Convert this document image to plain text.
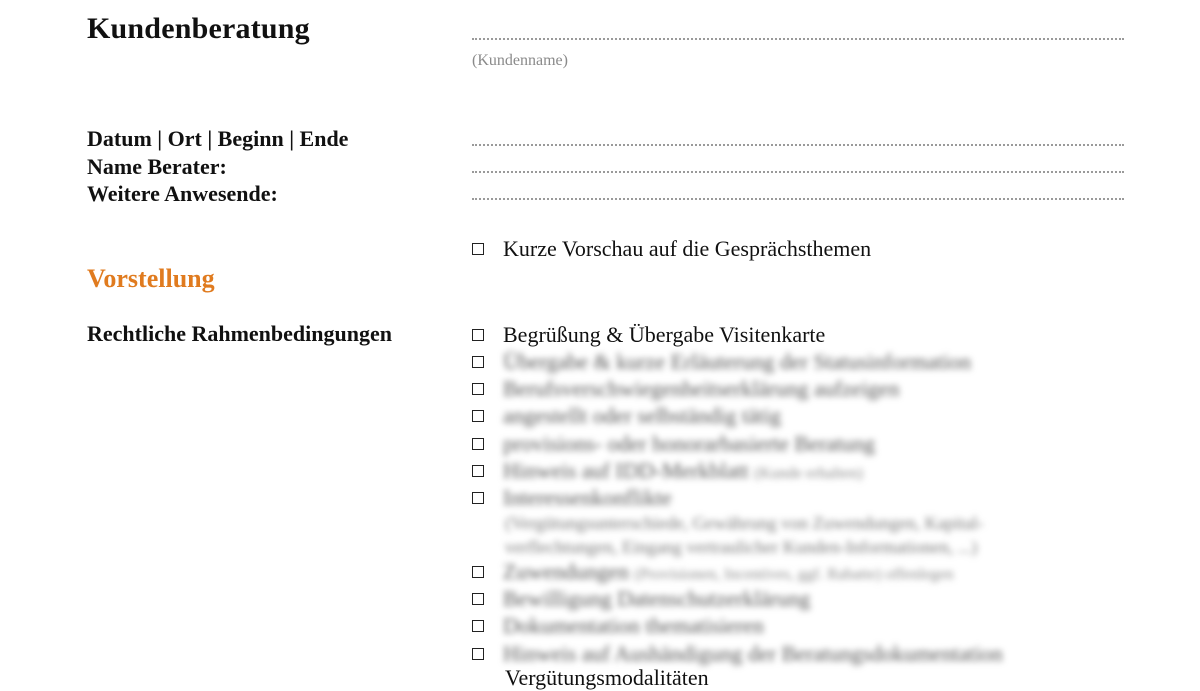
Kundenberatung
(Kundenname)
Datum | Ort | Beginn | Ende
Name Berater:
Weitere Anwesende:
Kurze Vorschau auf die Gesprächsthemen
Vorstellung
Rechtliche Rahmenbedingungen	Begrüßung & Übergabe Visitenkarte
Übergabe & kurze Erläuterung der Statusinformation
Berufsverschwiegenheitserklärung aufzeigen
angestellt oder selbständig tätig
provisions- oder honorarbasierte Beratung
Hinweis auf IDD-Merkblatt (Kunde erhalten)
Interessenkonflikte
(Vergütungsunterschiede, Gewährung von Zuwendungen, Kapital-
verflechtungen, Eingang vertraulicher Kunden-Informationen, ...)
Zuwendungen (Provisionen, Incentives, ggf. Rabatte) offenlegen
Bewilligung Datenschutzerklärung
Dokumentation thematisieren
Hinweis auf Aushändigung der Beratungsdokumentation
Vergütungsmodalitäten
